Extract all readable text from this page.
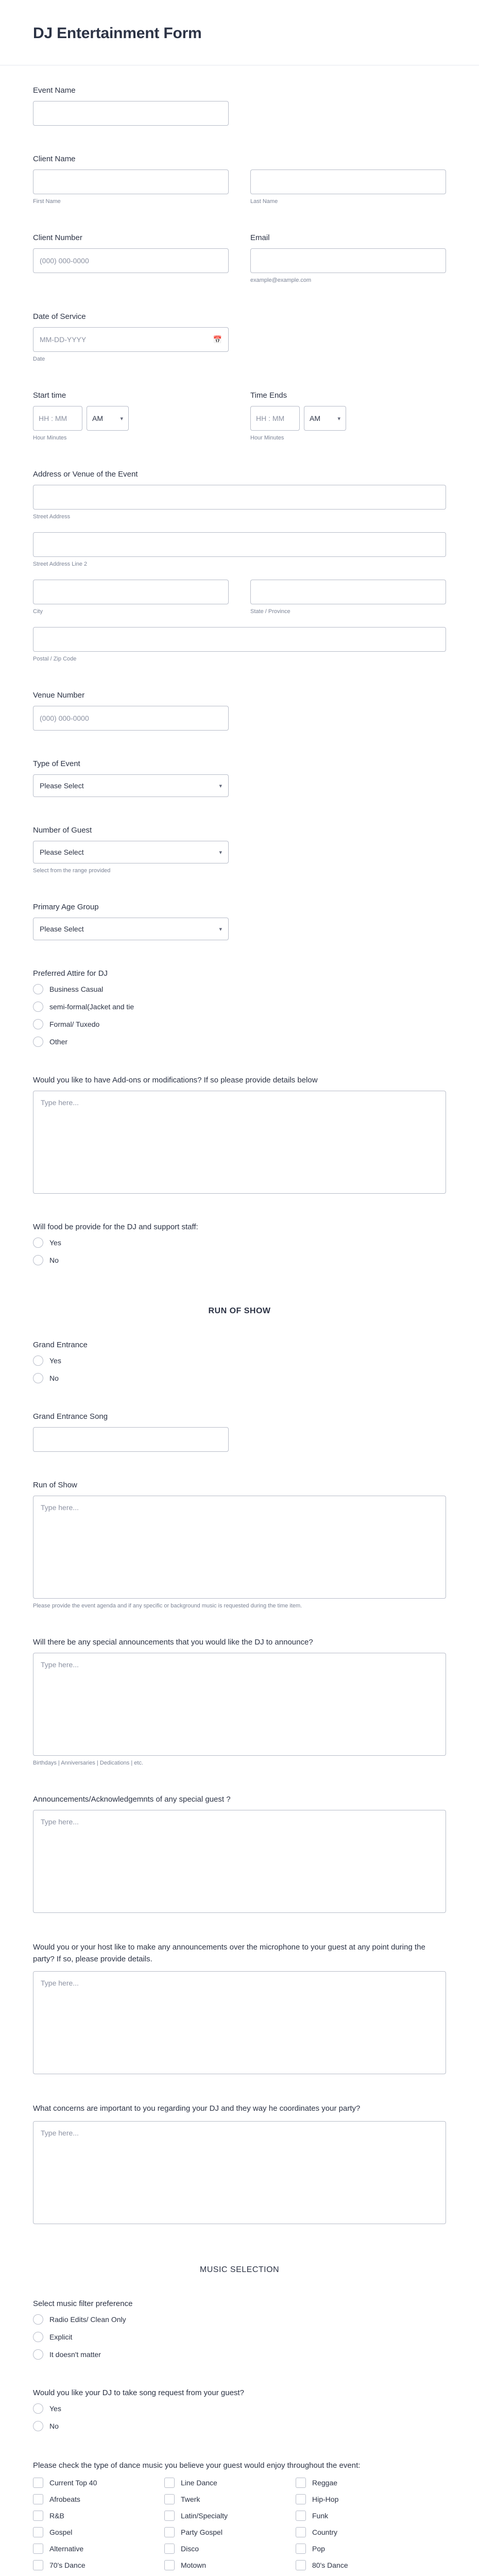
DJ Entertainment Form
Event Name
Client Name
First Name	Last Name
Client Number
(000) 000-0000
Email
example@example.com
Date of Service
MM-DD-YYYY	📅
Date
Start time
HH : MM	AM	▾
Hour Minutes
Time Ends
HH : MM	AM	▾
Hour Minutes
Address or Venue of the Event
Street Address
Street Address Line 2
City	State / Province
Postal / Zip Code
Venue Number
(000) 000-0000
Type of Event
Please Select	▾
Number of Guest
Please Select	▾
Select from the range provided
Primary Age Group
Please Select	▾
Preferred Attire for DJ
Business Casual
semi-formal(Jacket and tie
Formal/ Tuxedo
Other
Would you like to have Add-ons or modifications? If so please provide details below
Type here...
Will food be provide for the DJ and support staff:
Yes
No
RUN OF SHOW
Grand Entrance
Yes
No
Grand Entrance Song
Run of Show
Type here...
Please provide the event agenda and if any specific or background music is requested during the time item.
Will there be any special announcements that you would like the DJ to announce?
Type here...
Birthdays | Anniversaries | Dedications | etc.
Announcements/Acknowledgemnts of any special guest ?
Type here...
Would you or your host like to make any announcements over the microphone to your guest at any point during the party? If so, please provide details.
Type here...
What concerns are important to you regarding your DJ and they way he coordinates your party?
Type here...
MUSIC SELECTION
Select music filter preference
Radio Edits/ Clean Only
Explicit
It doesn't matter
Would you like your DJ to take song request from your guest?
Yes
No
Please check the type of dance music you believe your guest would enjoy throughout the event:
Current Top 40	Line Dance	Reggae
Afrobeats	Twerk	Hip-Hop
R&B	Latin/Specialty	Funk
Gospel	Party Gospel	Country
Alternative	Disco	Pop
70's Dance	Motown	80's Dance
